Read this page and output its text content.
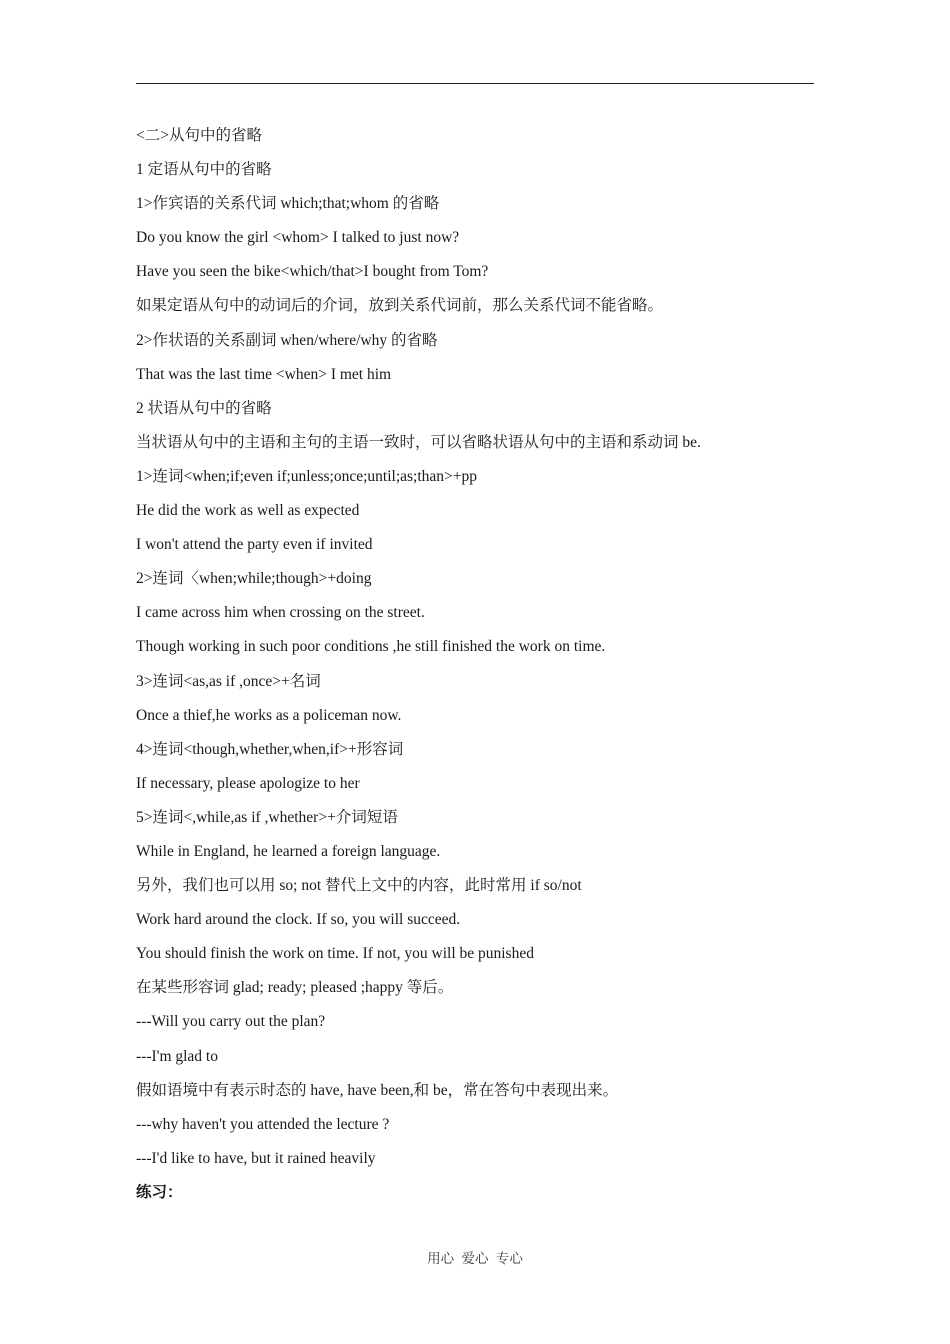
<二>从句中的省略
1 定语从句中的省略
1>作宾语的关系代词 which;that;whom 的省略
Do you know the girl <whom> I talked to just now?
Have you seen the bike<which/that>I bought from Tom?
如果定语从句中的动词后的介词，放到关系代词前，那么关系代词不能省略。
2>作状语的关系副词 when/where/why 的省略
That was the last time <when> I met him
2 状语从句中的省略
当状语从句中的主语和主句的主语一致时，可以省略状语从句中的主语和系动词 be.
1>连词<when;if;even if;unless;once;until;as;than>+pp
He did the work as well as expected
I won't attend the party even if invited
2>连词〈when;while;though>+doing
I came across him when crossing on the street.
Though working in such poor conditions ,he still finished the work on time.
3>连词<as,as if ,once>+名词
Once a thief,he works as a policeman now.
4>连词<though,whether,when,if>+形容词
If necessary, please apologize to her
5>连词<,while,as if ,whether>+介词短语
While in England, he learned a foreign language.
另外，我们也可以用 so; not 替代上文中的内容，此时常用 if so/not
Work hard around the clock. If so, you will succeed.
You should finish the work on time. If not, you will be punished
在某些形容词 glad; ready; pleased ;happy 等后。
---Will you carry out the plan?
---I'm glad to
假如语境中有表示时态的 have, have been,和 be，常在答句中表现出来。
---why haven't you attended the lecture ?
---I'd like to have, but it rained heavily
练习：
用心 爱心 专心
